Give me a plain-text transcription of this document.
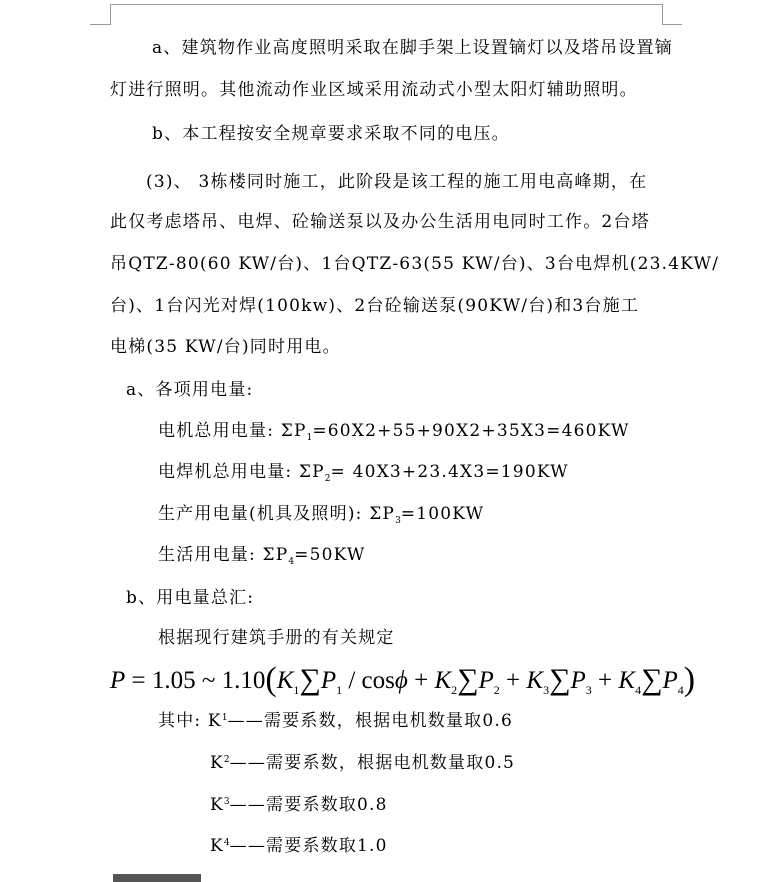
a、建筑物作业高度照明采取在脚手架上设置镝灯以及塔吊设置镝
灯进行照明。其他流动作业区域采用流动式小型太阳灯辅助照明。
b、本工程按安全规章要求采取不同的电压。
(3)、 3栋楼同时施工，此阶段是该工程的施工用电高峰期，在
此仅考虑塔吊、电焊、砼输送泵以及办公生活用电同时工作。2台塔
吊QTZ-80(60 KW/台)、1台QTZ-63(55 KW/台)、3台电焊机(23.4KW/
台)、1台闪光对焊(100kw)、2台砼输送泵(90KW/台)和3台施工
电梯(35 KW/台)同时用电。
a、各项用电量:
电机总用电量: $\Sigma P_1=60X2+55+90X2+35X3=460KW$
电焊机总用电量: $\Sigma P_2= 40X3+23.4X3=190KW$
生产用电量(机具及照明): $\Sigma P_3=100KW$
生活用电量: $\Sigma P_4=50KW$
b、用电量总汇:
根据现行建筑手册的有关规定
P = 1.05 ~ $1.10(K_1\sum P_1 / \cos\phi + K_2\sum P_2 + K_3\sum P_3 + K_4\sum P_4)$
其中: $K^1——$需要系数，根据电机数量取0.6
$K^2——$需要系数，根据电机数量取0.5
$K^3——$需要系数取0.8
$K^4——$需要系数取1.0
